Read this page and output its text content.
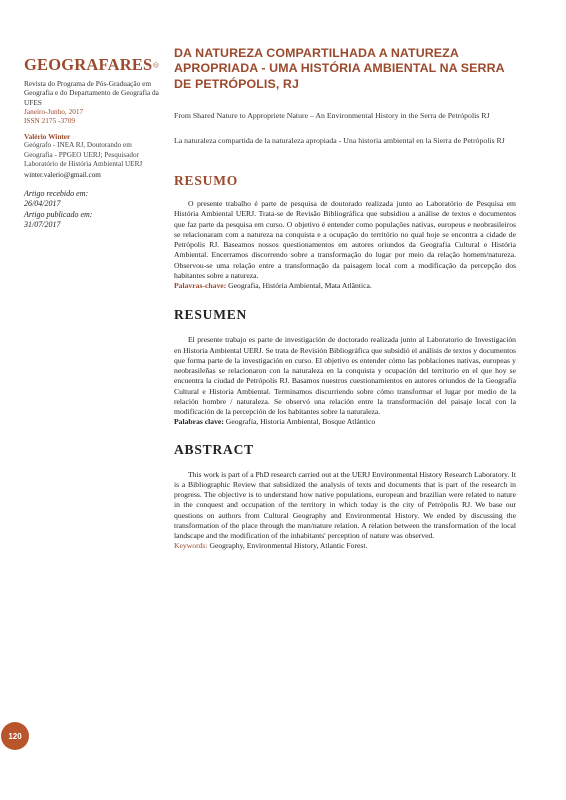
GEOGRAFARES
Revista do Programa de Pós-Graduação em Geografia e do Departamento de Geografia da UFES
Janeiro-Junho, 2017
ISSN 2175 -3709
Valério Winter
Geógrafo - INEA RJ, Doutorando em Geografia - PPGEO UERJ; Pesquisador Laboratório de História Ambiental UERJ
winter.valerio@gmail.com
Artigo recebido em:
26/04/2017
Artigo publicado em:
31/07/2017
DA NATUREZA COMPARTILHADA A NATUREZA APROPRIADA - UMA HISTÓRIA AMBIENTAL NA SERRA DE PETRÓPOLIS, RJ

From Shared Nature to Appropriete Nature – An Environmental History in the Serra de Petrópolis RJ

La naturaleza compartida de la naturaleza apropiada - Una historia ambiental en la Sierra de Petrópolis RJ

RESUMO

O presente trabalho é parte de pesquisa de doutorado realizada junto ao Laboratório de Pesquisa em História Ambiental UERJ. Trata-se de Revisão Bibliográfica que subsidiou a análise de textos e documentos que faz parte da pesquisa em curso. O objetivo é entender como populações nativas, europeus e neobrasileiros se relacionaram com a natureza na conquista e a ocupação do território no qual hoje se encontra a cidade de Petrópolis RJ. Baseamos nossos questionamentos em autores oriundos da Geografia Cultural e História Ambiental. Encerramos discorrendo sobre a transformação do lugar por meio da relação homem/natureza. Observou-se uma relação entre a transformação da paisagem local com a modificação da percepção dos habitantes sobre a natureza.

Palavras-chave: Geografia, História Ambiental, Mata Atlântica.

RESUMEN

El presente trabajo es parte de investigación de doctorado realizada junto al Laboratorio de Investigación en Historia Ambiental UERJ. Se trata de Revisión Bibliográfica que subsidió el análisis de textos y documentos que forma parte de la investigación en curso. El objetivo es entender cómo las poblaciones nativas, europeas y neobrasileñas se relacionaron con la naturaleza en la conquista y ocupación del territorio en el que hoy se encuentra la ciudad de Petrópolis RJ. Basamos nuestros cuestionamientos en autores oriundos de la Geografía Cultural e Historia Ambiental. Terminamos discurriendo sobre cómo transformar el lugar por medio de la relación hombre / naturaleza. Se observó una relación entre la transformación del paisaje local con la modificación de la percepción de los habitantes sobre la naturaleza.

Palabras clave: Geografía, Historia Ambiental, Bosque Atlántico

ABSTRACT

This work is part of a PhD research carried out at the UERJ Environmental History Research Laboratory. It is a Bibliographic Review that subsidized the analysis of texts and documents that is part of the research in progress. The objective is to understand how native populations, european and brazilian were related to nature in the conquest and occupation of the territory in which today is the city of Petrópolis RJ. We base our questions on authors from Cultural Geography and Environmental History. We ended by discussing the transformation of the place through the man/nature relation. A relation between the transformation of the local landscape and the modification of the inhabitants' perception of nature was observed.

Keywords: Geography, Environmental History, Atlantic Forest.

120
